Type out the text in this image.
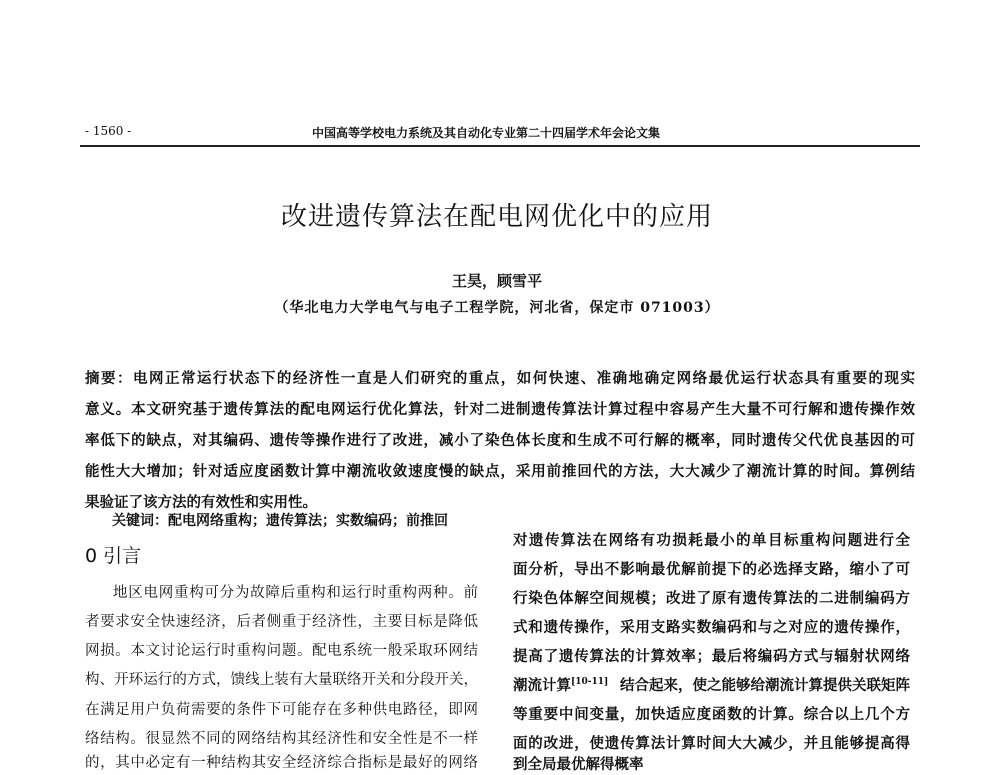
- 1560 -	中国高等学校电力系统及其自动化专业第二十四届学术年会论文集
改进遗传算法在配电网优化中的应用
王昊，顾雪平
（华北电力大学电气与电子工程学院，河北省，保定市 071003）
摘要：电网正常运行状态下的经济性一直是人们研究的重点，如何快速、准确地确定网络最优运行状态具有重要的现实
意义。本文研究基于遗传算法的配电网运行优化算法，针对二进制遗传算法计算过程中容易产生大量不可行解和遗传操作效
率低下的缺点，对其编码、遗传等操作进行了改进，减小了染色体长度和生成不可行解的概率，同时遗传父代优良基因的可
能性大大增加；针对适应度函数计算中潮流收敛速度慢的缺点，采用前推回代的方法，大大减少了潮流计算的时间。算例结
果验证了该方法的有效性和实用性。
关键词：配电网络重构；遗传算法；实数编码；前推回
0 引言
地区电网重构可分为故障后重构和运行时重构两种。前
者要求安全快速经济，后者侧重于经济性，主要目标是降低
网损。本文讨论运行时重构问题。配电系统一般采取环网结
构、开环运行的方式，馈线上装有大量联络开关和分段开关，
在满足用户负荷需要的条件下可能存在多种供电路径，即网
络结构。很显然不同的网络结构其经济性和安全性是不一样
的，其中必定有一种结构其安全经济综合指标是最好的网络
对遗传算法在网络有功损耗最小的单目标重构问题进行全
面分析，导出不影响最优解前提下的必选择支路，缩小了可
行染色体解空间规模；改进了原有遗传算法的二进制编码方
式和遗传操作，采用支路实数编码和与之对应的遗传操作，
提高了遗传算法的计算效率；最后将编码方式与辐射状网络
潮流计算[10-11] 结合起来，使之能够给潮流计算提供关联矩阵
等重要中间变量，加快适应度函数的计算。综合以上几个方
面的改进，使遗传算法计算时间大大减少，并且能够提高得
到全局最优解得概率
